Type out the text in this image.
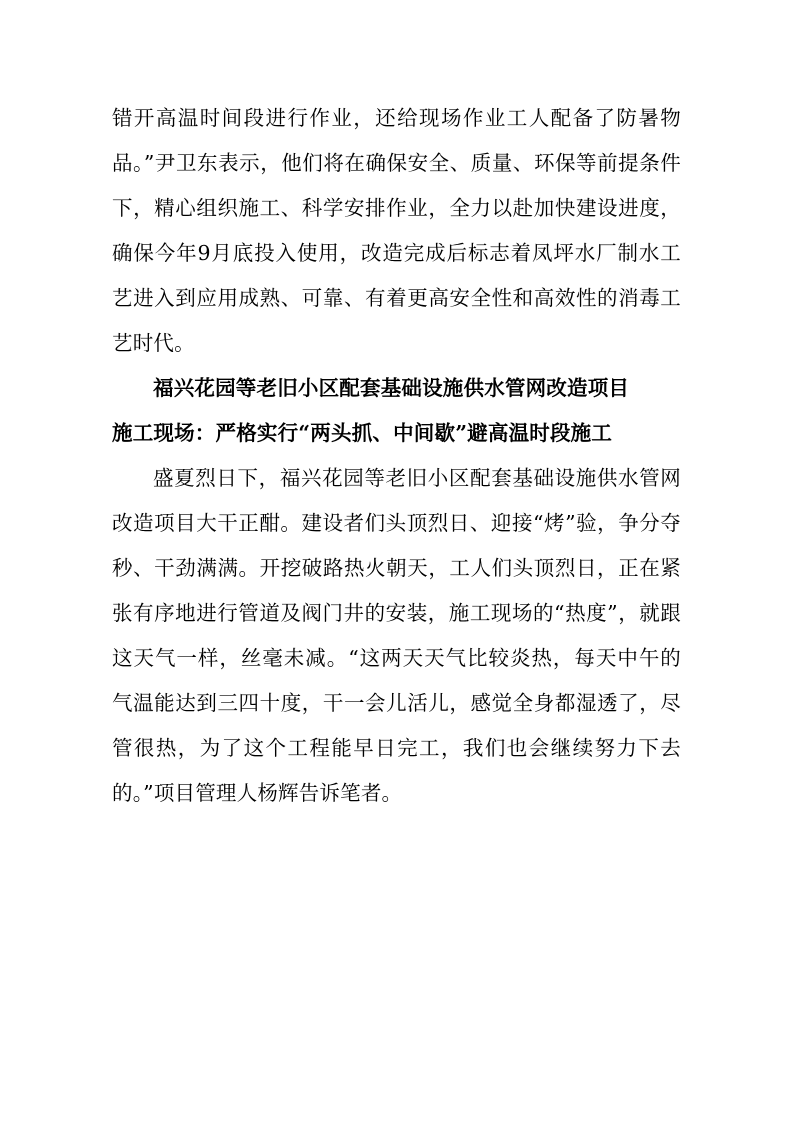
错开高温时间段进行作业，还给现场作业工人配备了防暑物品。”尹卫东表示，他们将在确保安全、质量、环保等前提条件下，精心组织施工、科学安排作业，全力以赴加快建设进度，确保今年9月底投入使用，改造完成后标志着凤坪水厂制水工艺进入到应用成熟、可靠、有着更高安全性和高效性的消毒工艺时代。

福兴花园等老旧小区配套基础设施供水管网改造项目
施工现场：严格实行“两头抓、中间歇”避高温时段施工

盛夏烈日下，福兴花园等老旧小区配套基础设施供水管网改造项目大干正酣。建设者们头顶烈日、迎接“烤”验，争分夺秒、干劲满满。开挖破路热火朝天，工人们头顶烈日，正在紧张有序地进行管道及阀门井的安装，施工现场的“热度”，就跟这天气一样，丝毫未减。“这两天天气比较炎热，每天中午的气温能达到三四十度，干一会儿活儿，感觉全身都湿透了，尽管很热，为了这个工程能早日完工，我们也会继续努力下去的。”项目管理人杨辉告诉笔者。
